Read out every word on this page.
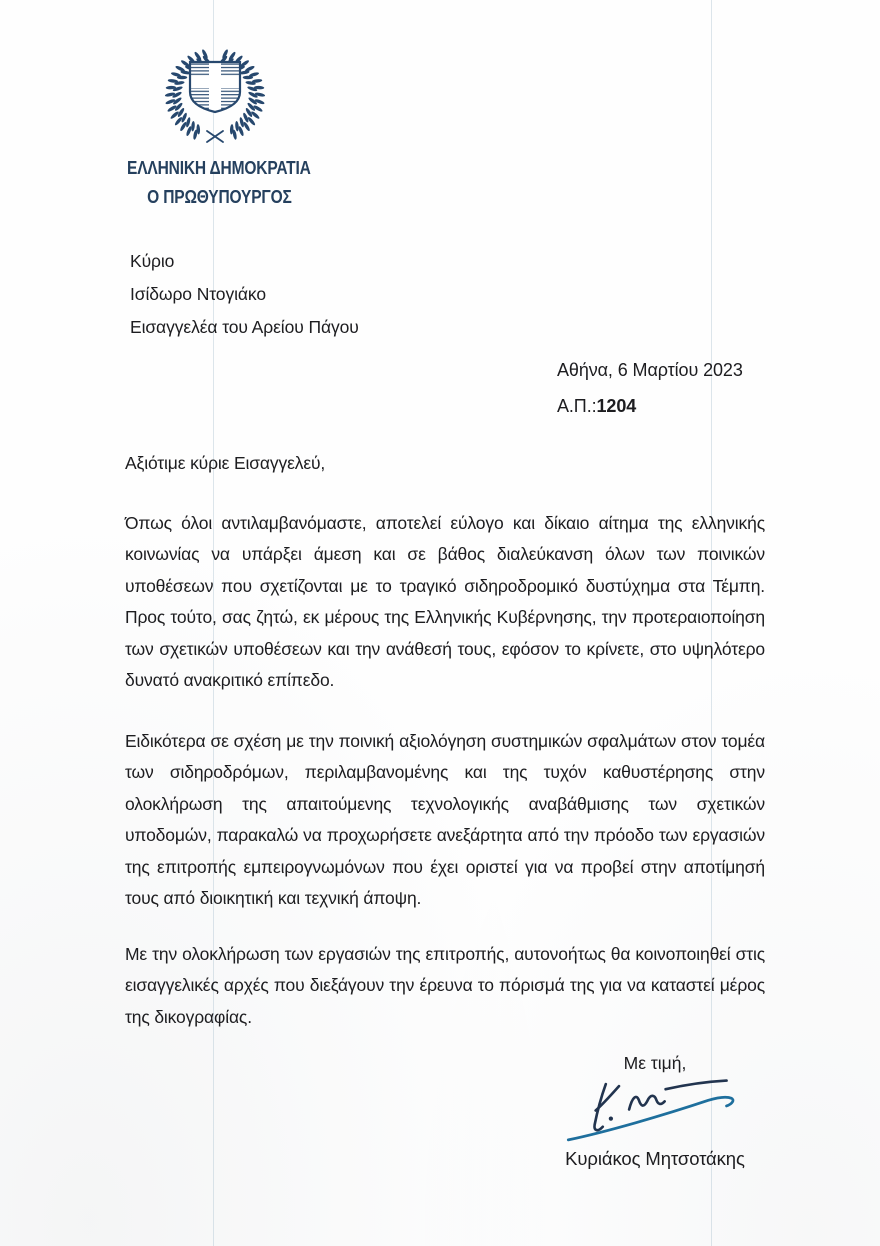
ΕΛΛΗΝΙΚΗ ΔΗΜΟΚΡΑΤΙΑ
Ο ΠΡΩΘΥΠΟΥΡΓΟΣ
Κύριο
Ισίδωρο Ντογιάκο
Εισαγγελέα του Αρείου Πάγου
Αθήνα, 6 Μαρτίου 2023
Α.Π.:1204

Αξιότιμε κύριε Εισαγγελεύ,

Όπως όλοι αντιλαμβανόμαστε, αποτελεί εύλογο και δίκαιο αίτημα της ελληνικής κοινωνίας να υπάρξει άμεση και σε βάθος διαλεύκανση όλων των ποινικών υποθέσεων που σχετίζονται με το τραγικό σιδηροδρομικό δυστύχημα στα Τέμπη. Προς τούτο, σας ζητώ, εκ μέρους της Ελληνικής Κυβέρνησης, την προτεραιοποίηση των σχετικών υποθέσεων και την ανάθεσή τους, εφόσον το κρίνετε, στο υψηλότερο δυνατό ανακριτικό επίπεδο.

Ειδικότερα σε σχέση με την ποινική αξιολόγηση συστημικών σφαλμάτων στον τομέα των σιδηροδρόμων, περιλαμβανομένης και της τυχόν καθυστέρησης στην ολοκλήρωση της απαιτούμενης τεχνολογικής αναβάθμισης των σχετικών υποδομών, παρακαλώ να προχωρήσετε ανεξάρτητα από την πρόοδο των εργασιών της επιτροπής εμπειρογνωμόνων που έχει οριστεί για να προβεί στην αποτίμησή τους από διοικητική και τεχνική άποψη.

Με την ολοκλήρωση των εργασιών της επιτροπής, αυτονοήτως θα κοινοποιηθεί στις εισαγγελικές αρχές που διεξάγουν την έρευνα το πόρισμά της για να καταστεί μέρος της δικογραφίας.

Με τιμή,
Κυριάκος Μητσοτάκης
